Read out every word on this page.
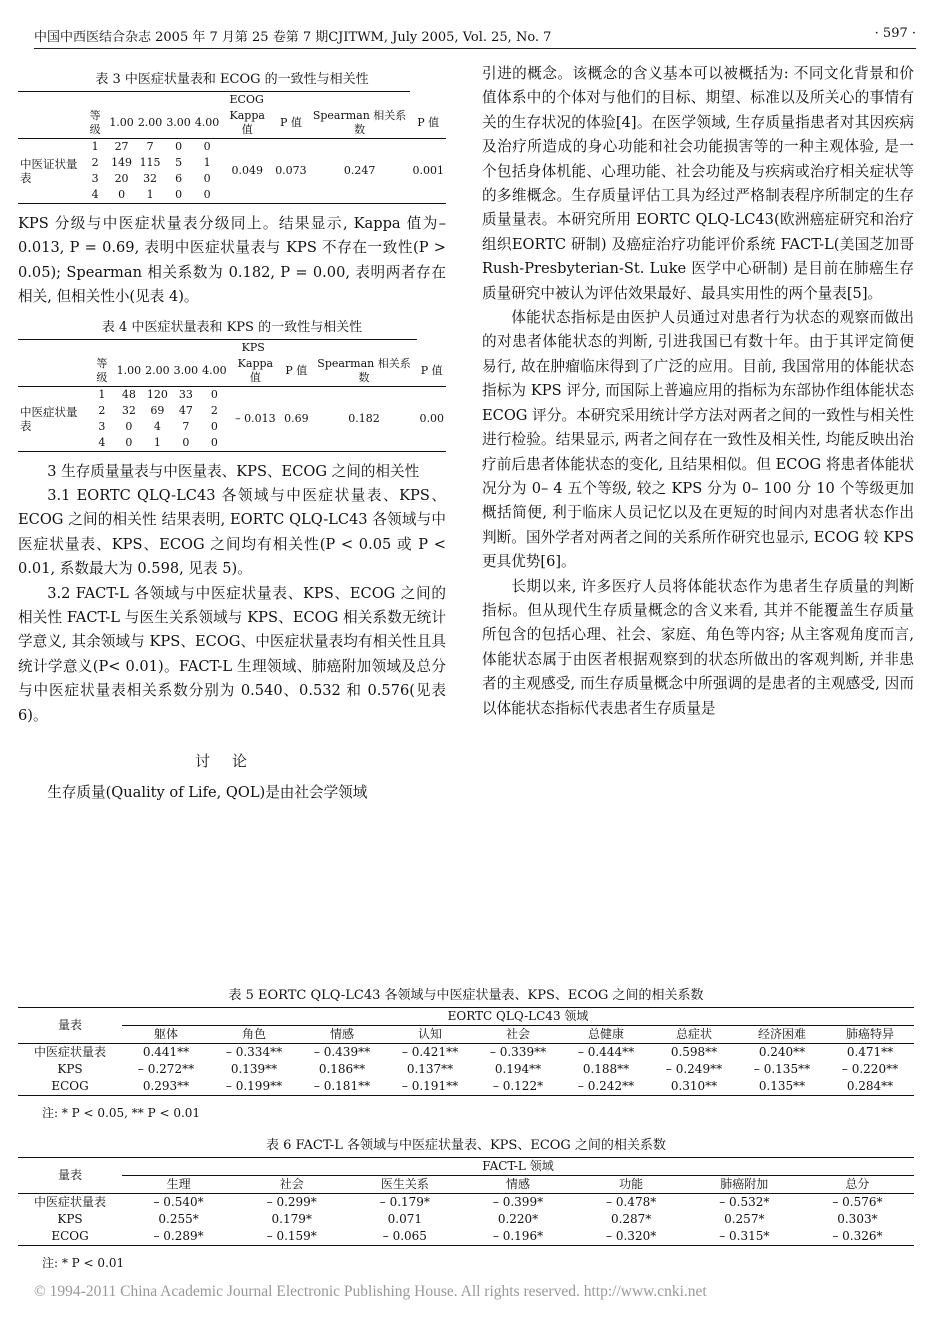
中国中西医结合杂志 2005 年 7 月第 25 卷第 7 期CJITWM, July 2005, Vol. 25, No. 7	· 597 ·
表 3 中医症状量表和 ECOG 的一致性与相关性
	ECOG								
	等级	1.00	2.00	3.00	4.00	Kappa 值	P 值	Spearman 相关系数	P 值
中医证状量表	1	27	7	0	0	0.049	0.073	0.247	0.001
	2	149	115	5	1				
	3	20	32	6	0				
	4	0	1	0	0				

KPS 分级与中医症状量表分级同上。结果显示, Kappa 值为– 0.013, P = 0.69, 表明中医症状量表与 KPS 不存在一致性(P > 0.05); Spearman 相关系数为 0.182, P = 0.00, 表明两者存在相关, 但相关性小(见表 4)。

表 4 中医症状量表和 KPS 的一致性与相关性
	KPS								
	等级	1.00	2.00	3.00	4.00	Kappa 值	P 值	Spearman 相关系数	P 值
中医症状量表	1	48	120	33	0	– 0.013	0.69	0.182	0.00
	2	32	69	47	2				
	3	0	4	7	0				
	4	0	1	0	0				

3 生存质量量表与中医量表、KPS、ECOG 之间的相关性

3.1 EORTC QLQ-LC43 各领域与中医症状量表、KPS、ECOG 之间的相关性 结果表明, EORTC QLQ-LC43 各领域与中医症状量表、KPS、ECOG 之间均有相关性(P < 0.05 或 P < 0.01, 系数最大为 0.598, 见表 5)。

3.2 FACT-L 各领域与中医症状量表、KPS、ECOG 之间的相关性 FACT-L 与医生关系领域与 KPS、ECOG 相关系数无统计学意义, 其余领域与 KPS、ECOG、中医症状量表均有相关性且具统计学意义(P< 0.01)。FACT-L 生理领域、肺癌附加领域及总分与中医症状量表相关系数分别为 0.540、0.532 和 0.576(见表 6)。

讨论

生存质量(Quality of Life, QOL)是由社会学领域

引进的概念。该概念的含义基本可以被概括为: 不同文化背景和价值体系中的个体对与他们的目标、期望、标准以及所关心的事情有关的生存状况的体验[4]。在医学领域, 生存质量指患者对其因疾病及治疗所造成的身心功能和社会功能损害等的一种主观体验, 是一个包括身体机能、心理功能、社会功能及与疾病或治疗相关症状等的多维概念。生存质量评估工具为经过严格制表程序所制定的生存质量量表。本研究所用 EORTC QLQ-LC43(欧洲癌症研究和治疗组织EORTC 研制) 及癌症治疗功能评价系统 FACT-L(美国芝加哥 Rush-Presbyterian-St. Luke 医学中心研制) 是目前在肺癌生存质量研究中被认为评估效果最好、最具实用性的两个量表[5]。

体能状态指标是由医护人员通过对患者行为状态的观察而做出的对患者体能状态的判断, 引进我国已有数十年。由于其评定简便易行, 故在肿瘤临床得到了广泛的应用。目前, 我国常用的体能状态指标为 KPS 评分, 而国际上普遍应用的指标为东部协作组体能状态 ECOG 评分。本研究采用统计学方法对两者之间的一致性与相关性进行检验。结果显示, 两者之间存在一致性及相关性, 均能反映出治疗前后患者体能状态的变化, 且结果相似。但 ECOG 将患者体能状况分为 0– 4 五个等级, 较之 KPS 分为 0– 100 分 10 个等级更加概括简便, 利于临床人员记忆以及在更短的时间内对患者状态作出判断。国外学者对两者之间的关系所作研究也显示, ECOG 较 KPS 更具优势[6]。

长期以来, 许多医疗人员将体能状态作为患者生存质量的判断指标。但从现代生存质量概念的含义来看, 其并不能覆盖生存质量所包含的包括心理、社会、家庭、角色等内容; 从主客观角度而言, 体能状态属于由医者根据观察到的状态所做出的客观判断, 并非患者的主观感受, 而生存质量概念中所强调的是患者的主观感受, 因而以体能状态指标代表患者生存质量是

表 5 EORTC QLQ-LC43 各领域与中医症状量表、KPS、ECOG 之间的相关系数
量表	EORTC QLQ-LC43 领域								
	躯体	角色	情感	认知	社会	总健康	总症状	经济困难	肺癌特异
中医症状量表	0.441**	– 0.334**	– 0.439**	– 0.421**	– 0.339**	– 0.444**	0.598**	0.240**	0.471**
KPS	– 0.272**	0.139**	0.186**	0.137**	0.194**	0.188**	– 0.249**	– 0.135**	– 0.220**
ECOG	0.293**	– 0.199**	– 0.181**	– 0.191**	– 0.122*	– 0.242**	0.310**	0.135**	0.284**
注: * P < 0.05, ** P < 0.01
表 6 FACT-L 各领域与中医症状量表、KPS、ECOG 之间的相关系数
量表	FACT-L 领域						
	生理	社会	医生关系	情感	功能	肺癌附加	总分
中医症状量表	– 0.540*	– 0.299*	– 0.179*	– 0.399*	– 0.478*	– 0.532*	– 0.576*
KPS	0.255*	0.179*	0.071	0.220*	0.287*	0.257*	0.303*
ECOG	– 0.289*	– 0.159*	– 0.065	– 0.196*	– 0.320*	– 0.315*	– 0.326*
注: * P < 0.01
© 1994-2011 China Academic Journal Electronic Publishing House. All rights reserved. http://www.cnki.net
